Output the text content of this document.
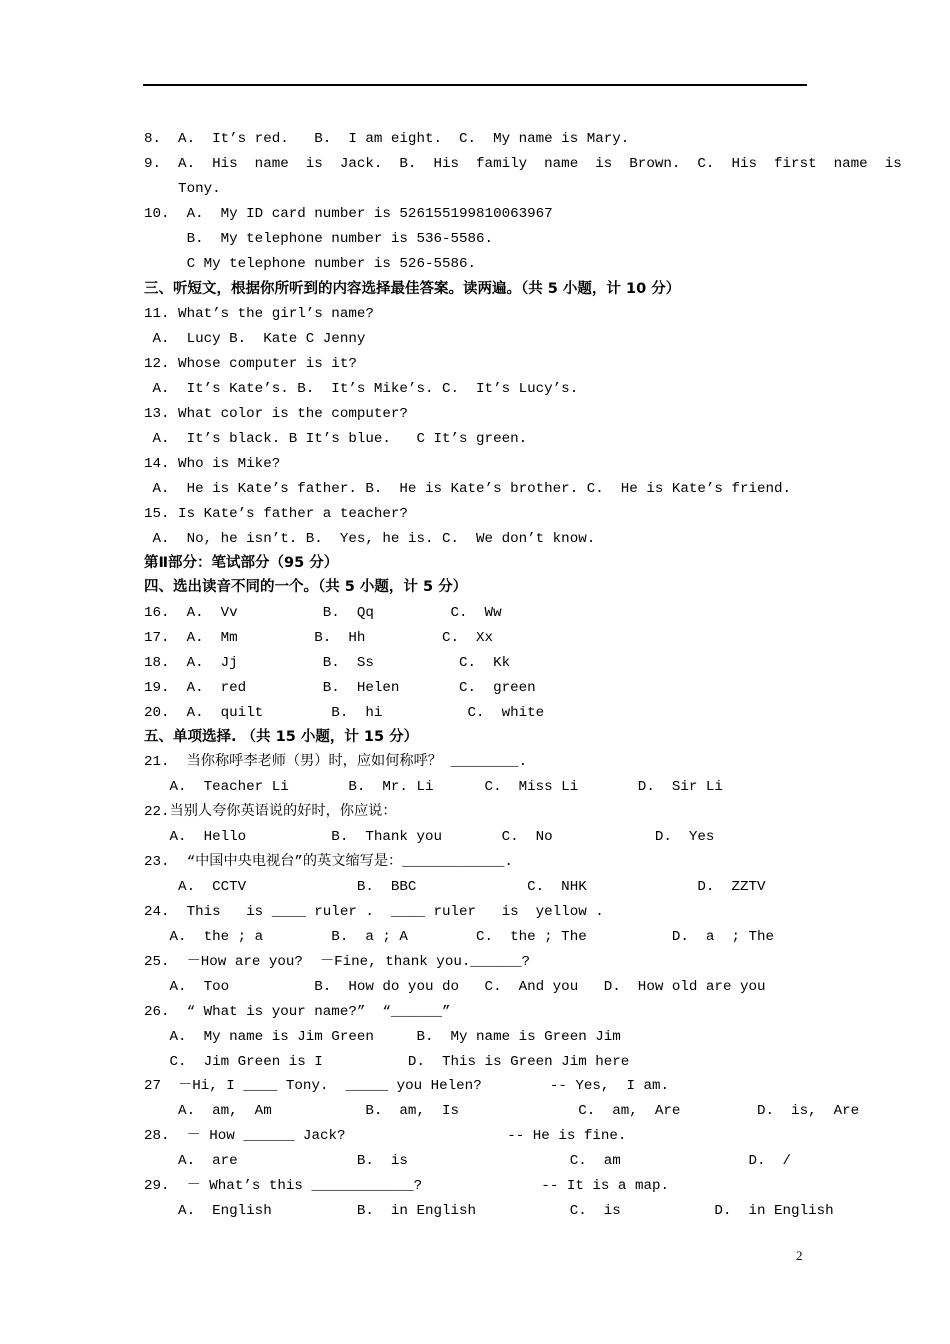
8.  A.  It’s red.   B.  I am eight.  C.  My name is Mary.
9.  A.  His  name  is  Jack.  B.  His  family  name  is  Brown.  C.  His  first  name  is
Tony.
10.  A.  My ID card number is 526155199810063967
B.  My telephone number is 536-5586.
C My telephone number is 526-5586.
三、听短文，根据你所听到的内容选择最佳答案。读两遍。（共 5 小题，计 10 分）
11. What’s the girl’s name?
A.  Lucy B.  Kate C Jenny
12. Whose computer is it?
A.  It’s Kate’s. B.  It’s Mike’s. C.  It’s Lucy’s.
13. What color is the computer?
A.  It’s black. B It’s blue.   C It’s green.
14. Who is Mike?
A.  He is Kate’s father. B.  He is Kate’s brother. C.  He is Kate’s friend.
15. Is Kate’s father a teacher?
A.  No, he isn’t. B.  Yes, he is. C.  We don’t know.
第Ⅱ部分：笔试部分（95 分）
四、选出读音不同的一个。（共 5 小题，计 5 分）
16.  A.  Vv          B.  Qq         C.  Ww
17.  A.  Mm         B.  Hh         C.  Xx
18.  A.  Jj          B.  Ss          C.  Kk
19.  A.  red         B.  Helen       C.  green
20.  A.  quilt        B.  hi          C.  white
五、单项选择. （共 15 小题，计 15 分）
21.  当你称呼李老师（男）时，应如何称呼？ ________.
A.  Teacher Li       B.  Mr. Li      C.  Miss Li       D.  Sir Li
22.当别人夸你英语说的好时，你应说：
A.  Hello          B.  Thank you       C.  No            D.  Yes
23.  “中国中央电视台”的英文缩写是：____________.
A.  CCTV             B.  BBC             C.  NHK             D.  ZZTV
24.  This   is ____ ruler .  ____ ruler   is  yellow .
A.  the ; a        B.  a ; A        C.  the ; The          D.  a  ; The
25.  －How are you?  －Fine, thank you.______?
A.  Too          B.  How do you do   C.  And you   D.  How old are you
26.  “ What is your name?”  “______”
A.  My name is Jim Green     B.  My name is Green Jim
C.  Jim Green is I          D.  This is Green Jim here
27  －Hi, I ____ Tony.  _____ you Helen?        -- Yes,  I am.
A.  am,  Am           B.  am,  Is              C.  am,  Are         D.  is,  Are
28.  － How ______ Jack?                   -- He is fine.
A.  are              B.  is                   C.  am               D.  /
29.  － What’s this ____________?              -- It is a map.
A.  English          B.  in English           C.  is           D.  in English
2
